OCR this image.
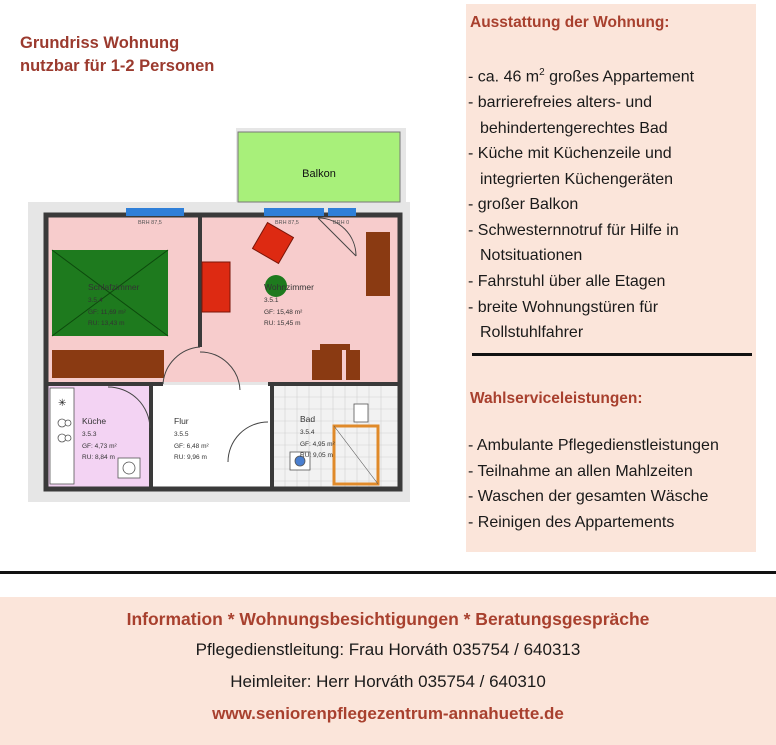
Grundriss Wohnung
nutzbar für 1-2 Personen
Balkon
BRH 87,5	BRH 87,5	BRH 0
✳
Schlafzimmer
3.5.4
GF: 11,69 m²
RU: 13,43 m
Wohnzimmer
3.5.1
GF: 15,48 m²
RU: 15,45 m
Küche
3.5.3
GF: 4,73 m²
RU: 8,84 m
Flur
3.5.5
GF: 6,48 m²
RU: 9,96 m
Bad
3.5.4
GF: 4,95 m²
RU: 9,05 m
Ausstattung der Wohnung:
- ca. 46 $m^2$ großes Appartement
- barrierefreies alters- und
behindertengerechtes Bad
- Küche mit Küchenzeile und
integrierten Küchengeräten
- großer Balkon
- Schwesternnotruf für Hilfe in
Notsituationen
- Fahrstuhl über alle Etagen
- breite Wohnungstüren für
Rollstuhlfahrer
Wahlserviceleistungen:
- Ambulante Pflegedienstleistungen
- Teilnahme an allen Mahlzeiten
- Waschen der gesamten Wäsche
- Reinigen des Appartements
Information * Wohnungsbesichtigungen * Beratungsgespräche
Pflegedienstleitung: Frau Horváth 035754 / 640313
Heimleiter: Herr Horváth 035754 / 640310
www.seniorenpflegezentrum-annahuette.de
